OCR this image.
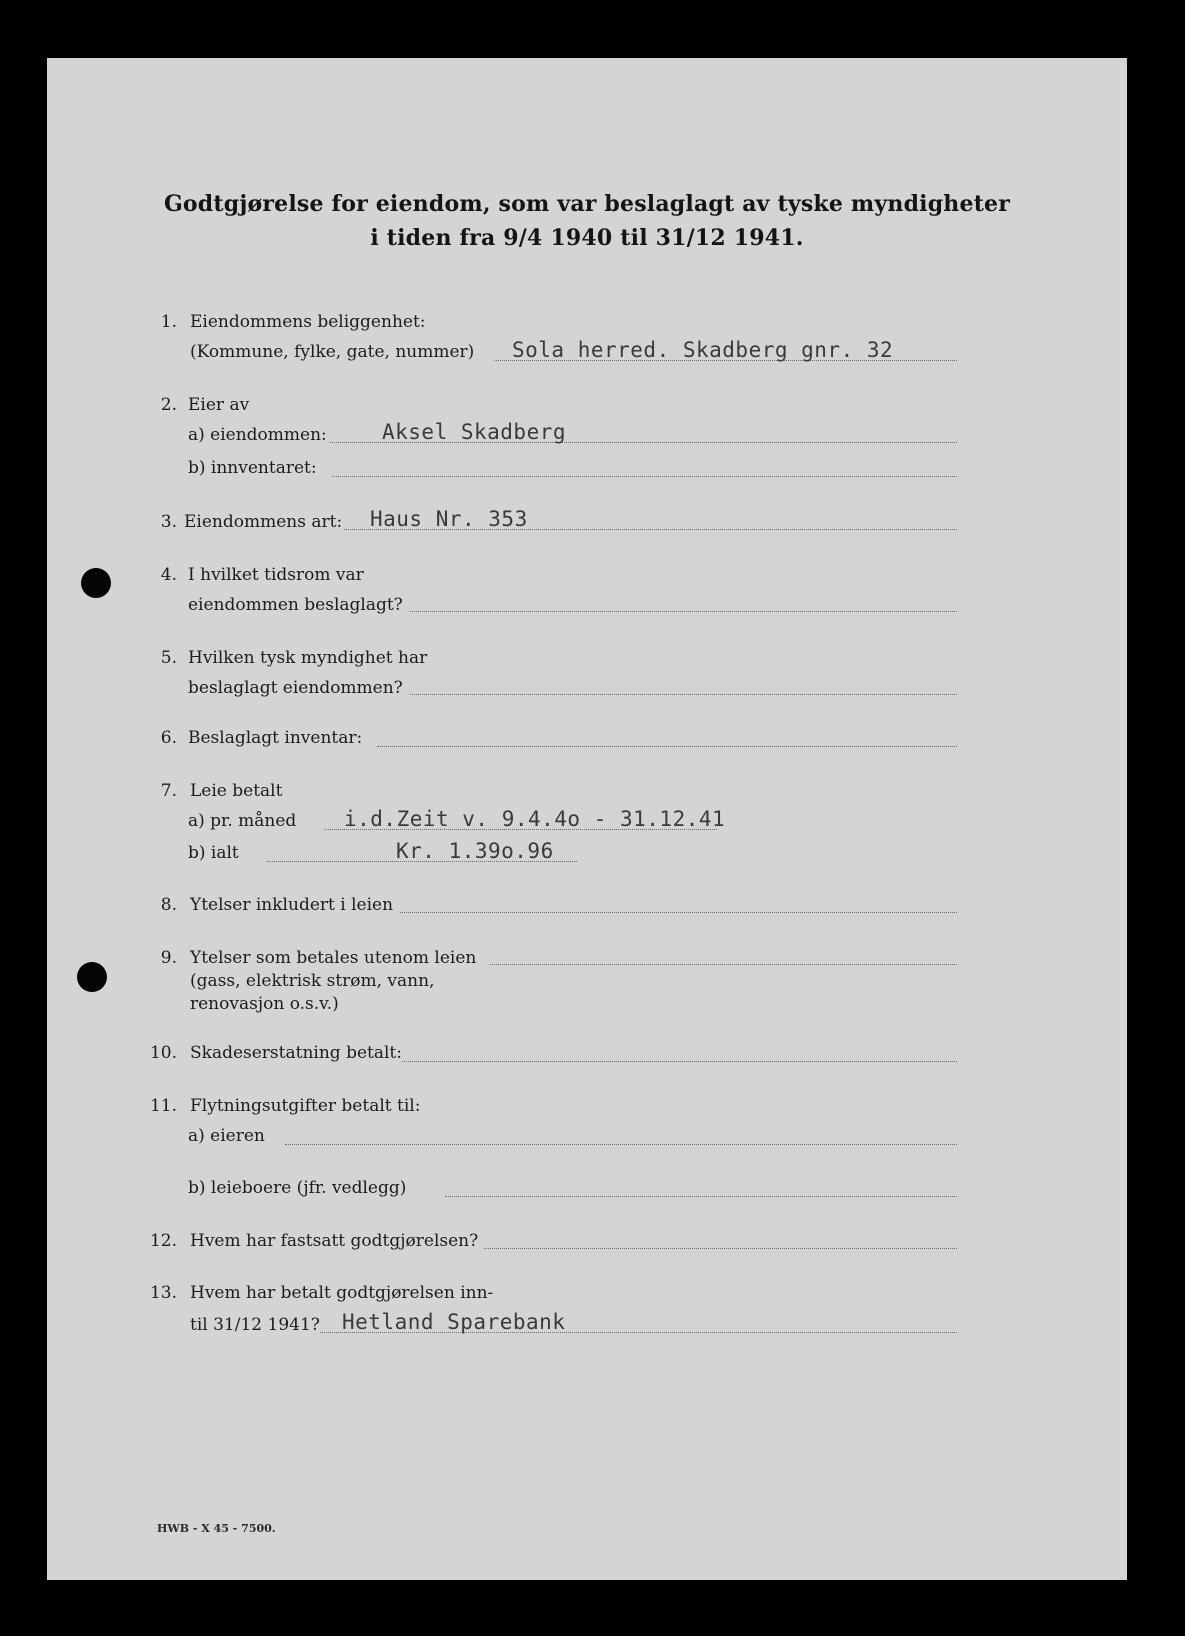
Godtgjørelse for eiendom, som var beslaglagt av tyske myndigheter
i tiden fra 9/4 1940 til 31/12 1941.
1. Eiendommens beliggenhet:
(Kommune, fylke, gate, nummer) Sola herred. Skadberg gnr. 32
2. Eier av
a) eiendommen:	Aksel Skadberg
b) innventaret:
3. Eiendommens art: Haus Nr. 353
4. I hvilket tidsrom var
eiendommen beslaglagt?
5. Hvilken tysk myndighet har
beslaglagt eiendommen?
6. Beslaglagt inventar:
7. Leie betalt
a) pr. måned i.d.Zeit v. 9.4.4o - 31.12.41
b) ialt	Kr. 1.39o.96
8. Ytelser inkludert i leien
9. Ytelser som betales utenom leien
(gass, elektrisk strøm, vann,
renovasjon o.s.v.)
10. Skadeserstatning betalt:
11. Flytningsutgifter betalt til:
a) eieren
b) leieboere (jfr. vedlegg)
12. Hvem har fastsatt godtgjørelsen?
13. Hvem har betalt godtgjørelsen inn-
til 31/12 1941? Hetland Sparebank
HWB - X 45 - 7500.
